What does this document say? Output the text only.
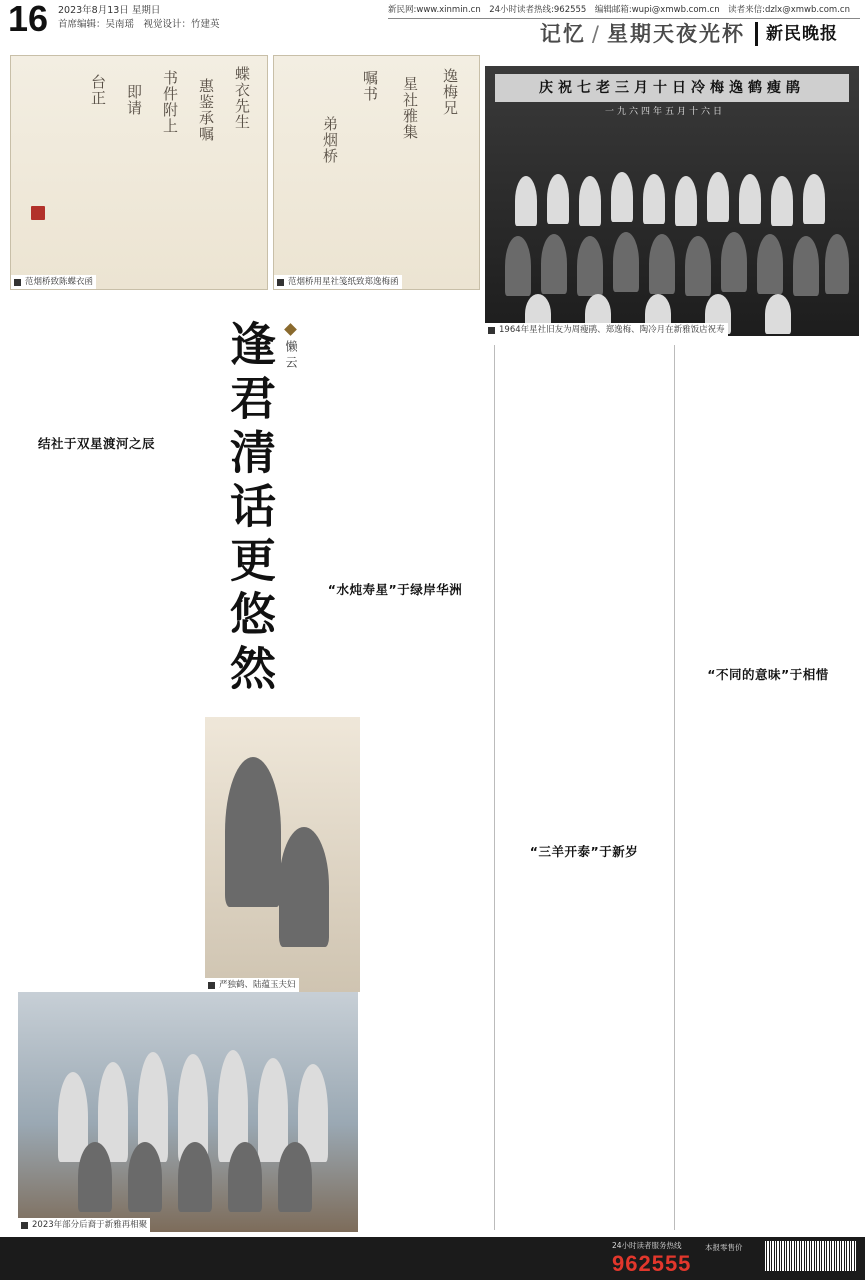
16 2023年8月13日 星期日
首席编辑：吴南瑶　视觉设计：竹建英
新民网:www.xinmin.cn　24小时读者热线:962555　编辑邮箱:wupi@xmwb.com.cn　读者来信:dzlx@xmwb.com.cn
记忆 / 星期天夜光杯	新民晚报
蝶衣先生
惠鉴承嘱
书件附上
即请
台正
范烟桥致陈蝶衣函
逸梅兄
星社雅集
嘱书
弟烟桥
范烟桥用星社笺纸致郑逸梅函
庆祝七老三月十日冷梅逸鹤瘦鹃
一九六四年五月十六日
1964年星社旧友为周瘦鹃、郑逸梅、陶冷月在新雅饭店祝寿
逢君清话更悠然 懒云
结社于双星渡河之辰
“水炖寿星”于绿岸华洲
严独鹤、陆蕴玉夫妇
2023年部分后裔于新雅再相聚
“三羊开泰”于新岁
“不同的意味”于相惜
24小时读者服务热线
962555
本报零售价
